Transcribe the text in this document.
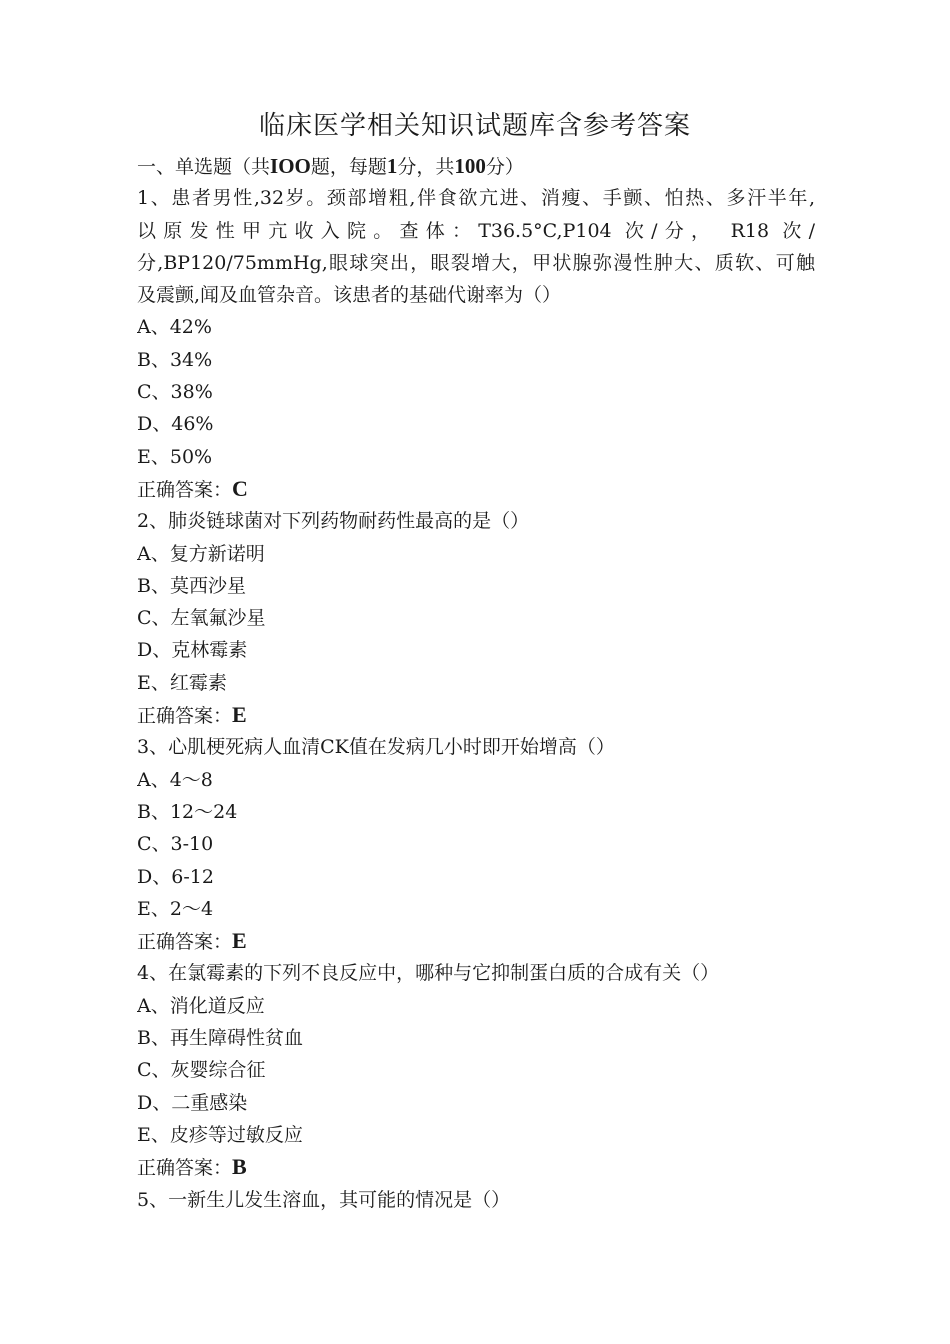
临床医学相关知识试题库含参考答案
一、单选题（共IOO题，每题1分，共100分）
1、患者男性,32岁。颈部增粗,伴食欲亢进、消瘦、手颤、怕热、多汗半年,
以原发性甲亢收入院。查体：T36.5°C,P104 次/分， R18 次/
分,BP120/75mmHg,眼球突出，眼裂增大，甲状腺弥漫性肿大、质软、可触
及震颤,闻及血管杂音。该患者的基础代谢率为（）
A、42%
B、34%
C、38%
D、46%
E、50%
正确答案：C
2、肺炎链球菌对下列药物耐药性最高的是（）
A、复方新诺明
B、莫西沙星
C、左氧氟沙星
D、克林霉素
E、红霉素
正确答案：E
3、心肌梗死病人血清CK值在发病几小时即开始增高（）
A、4〜8
B、12〜24
C、3-10
D、6-12
E、2〜4
正确答案：E
4、在氯霉素的下列不良反应中，哪种与它抑制蛋白质的合成有关（）
A、消化道反应
B、再生障碍性贫血
C、灰婴综合征
D、二重感染
E、皮疹等过敏反应
正确答案：B
5、一新生儿发生溶血，其可能的情况是（）
